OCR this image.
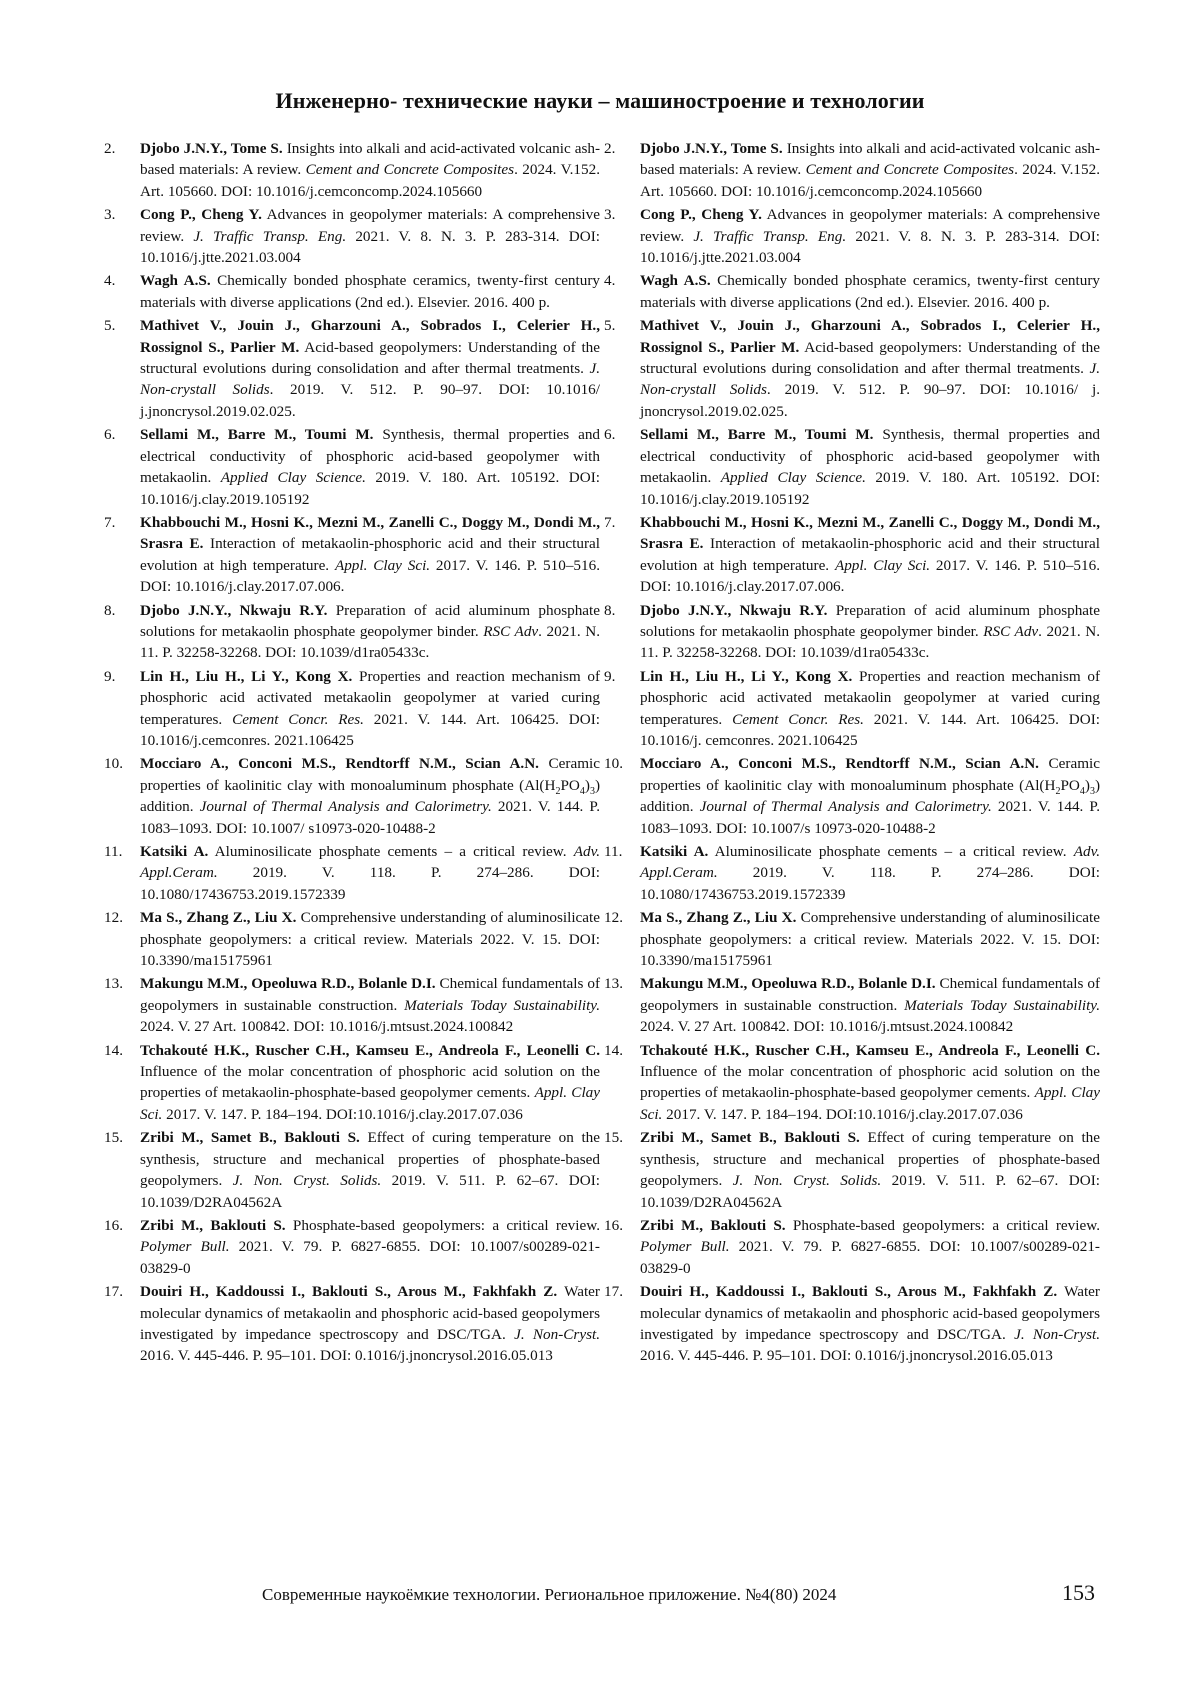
Инженерно- технические науки – машиностроение и технологии
2. Djobo J.N.Y., Tome S. Insights into alkali and acid-activated volcanic ash-based materials: A review. Cement and Concrete Composites. 2024. V.152. Art. 105660. DOI: 10.1016/j.cemconcomp.2024.105660
3. Cong P., Cheng Y. Advances in geopolymer materials: A comprehensive review. J. Traffic Transp. Eng. 2021. V. 8. N. 3. P. 283-314. DOI: 10.1016/j.jtte.2021.03.004
4. Wagh A.S. Chemically bonded phosphate ceramics, twenty-first century materials with diverse applications (2nd ed.). Elsevier. 2016. 400 p.
5. Mathivet V., Jouin J., Gharzouni A., Sobrados I., Celerier H., Rossignol S., Parlier M. Acid-based geopolymers: Understanding of the structural evolutions during consolidation and after thermal treatments. J. Non-crystall Solids. 2019. V. 512. P. 90–97. DOI: 10.1016/ j.jnoncrysol.2019.02.025.
6. Sellami M., Barre M., Toumi M. Synthesis, thermal properties and electrical conductivity of phosphoric acid-based geopolymer with metakaolin. Applied Clay Science. 2019. V. 180. Art. 105192. DOI: 10.1016/j.clay.2019.105192
7. Khabbouchi M., Hosni K., Mezni M., Zanelli C., Doggy M., Dondi M., Srasra E. Interaction of metakaolin-phosphoric acid and their structural evolution at high temperature. Appl. Clay Sci. 2017. V. 146. P. 510–516. DOI: 10.1016/j.clay.2017.07.006.
8. Djobo J.N.Y., Nkwaju R.Y. Preparation of acid aluminum phosphate solutions for metakaolin phosphate geopolymer binder. RSC Adv. 2021. N. 11. P. 32258-32268. DOI: 10.1039/d1ra05433c.
9. Lin H., Liu H., Li Y., Kong X. Properties and reaction mechanism of phosphoric acid activated metakaolin geopolymer at varied curing temperatures. Cement Concr. Res. 2021. V. 144. Art. 106425. DOI: 10.1016/j.cemconres. 2021.106425
10. Mocciaro A., Conconi M.S., Rendtorff N.M., Scian A.N. Ceramic properties of kaolinitic clay with monoaluminum phosphate $(Al(H_2PO_4)_3)$ addition. Journal of Thermal Analysis and Calorimetry. 2021. V. 144. P. 1083–1093. DOI: 10.1007/ s10973-020-10488-2
11. Katsiki A. Aluminosilicate phosphate cements – a critical review. Adv. Appl.Ceram. 2019. V. 118. P. 274–286. DOI: 10.1080/17436753.2019.1572339
12. Ma S., Zhang Z., Liu X. Comprehensive understanding of aluminosilicate phosphate geopolymers: a critical review. Materials 2022. V. 15. DOI: 10.3390/ma15175961
13. Makungu M.M., Opeoluwa R.D., Bolanle D.I. Chemical fundamentals of geopolymers in sustainable construction. Materials Today Sustainability. 2024. V. 27 Art. 100842. DOI: 10.1016/j.mtsust.2024.100842
14. Tchakouté H.K., Ruscher C.H., Kamseu E., Andreola F., Leonelli C. Influence of the molar concentration of phosphoric acid solution on the properties of metakaolin-phosphate-based geopolymer cements. Appl. Clay Sci. 2017. V. 147. P. 184–194. DOI:10.1016/j.clay.2017.07.036
15. Zribi M., Samet B., Baklouti S. Effect of curing temperature on the synthesis, structure and mechanical properties of phosphate-based geopolymers. J. Non. Cryst. Solids. 2019. V. 511. P. 62–67. DOI: 10.1039/D2RA04562A
16. Zribi M., Baklouti S. Phosphate-based geopolymers: a critical review. Polymer Bull. 2021. V. 79. P. 6827-6855. DOI: 10.1007/s00289-021-03829-0
17. Douiri H., Kaddoussi I., Baklouti S., Arous M., Fakhfakh Z. Water molecular dynamics of metakaolin and phosphoric acid-based geopolymers investigated by impedance spectroscopy and DSC/TGA. J. Non-Cryst. 2016. V. 445-446. P. 95–101. DOI: 0.1016/j.jnoncrysol.2016.05.013
2. Djobo J.N.Y., Tome S. Insights into alkali and acid-activated volcanic ash-based materials: A review. Cement and Concrete Composites. 2024. V.152. Art. 105660. DOI: 10.1016/j.cemconcomp.2024.105660
3. Cong P., Cheng Y. Advances in geopolymer materials: A comprehensive review. J. Traffic Transp. Eng. 2021. V. 8. N. 3. P. 283-314. DOI: 10.1016/j.jtte.2021.03.004
4. Wagh A.S. Chemically bonded phosphate ceramics, twenty-first century materials with diverse applications (2nd ed.). Elsevier. 2016. 400 p.
5. Mathivet V., Jouin J., Gharzouni A., Sobrados I., Celerier H., Rossignol S., Parlier M. Acid-based geopolymers: Understanding of the structural evolutions during consolidation and after thermal treatments. J. Non-crystall Solids. 2019. V. 512. P. 90–97. DOI: 10.1016/ j. jnoncrysol.2019.02.025.
6. Sellami M., Barre M., Toumi M. Synthesis, thermal properties and electrical conductivity of phosphoric acid-based geopolymer with metakaolin. Applied Clay Science. 2019. V. 180. Art. 105192. DOI: 10.1016/j.clay.2019.105192
7. Khabbouchi M., Hosni K., Mezni M., Zanelli C., Doggy M., Dondi M., Srasra E. Interaction of metakaolin-phosphoric acid and their structural evolution at high temperature. Appl. Clay Sci. 2017. V. 146. P. 510–516. DOI: 10.1016/j.clay.2017.07.006.
8. Djobo J.N.Y., Nkwaju R.Y. Preparation of acid aluminum phosphate solutions for metakaolin phosphate geopolymer binder. RSC Adv. 2021. N. 11. P. 32258-32268. DOI: 10.1039/d1ra05433c.
9. Lin H., Liu H., Li Y., Kong X. Properties and reaction mechanism of phosphoric acid activated metakaolin geopolymer at varied curing temperatures. Cement Concr. Res. 2021. V. 144. Art. 106425. DOI: 10.1016/j. cemconres. 2021.106425
10. Mocciaro A., Conconi M.S., Rendtorff N.M., Scian A.N. Ceramic properties of kaolinitic clay with monoaluminum phosphate $(Al(H_2PO_4)_3)$ addition. Journal of Thermal Analysis and Calorimetry. 2021. V. 144. P. 1083–1093. DOI: 10.1007/s 10973-020-10488-2
11. Katsiki A. Aluminosilicate phosphate cements – a critical review. Adv. Appl.Ceram. 2019. V. 118. P. 274–286. DOI: 10.1080/17436753.2019.1572339
12. Ma S., Zhang Z., Liu X. Comprehensive understanding of aluminosilicate phosphate geopolymers: a critical review. Materials 2022. V. 15. DOI: 10.3390/ma15175961
13. Makungu M.M., Opeoluwa R.D., Bolanle D.I. Chemical fundamentals of geopolymers in sustainable construction. Materials Today Sustainability. 2024. V. 27 Art. 100842. DOI: 10.1016/j.mtsust.2024.100842
14. Tchakouté H.K., Ruscher C.H., Kamseu E., Andreola F., Leonelli C. Influence of the molar concentration of phosphoric acid solution on the properties of metakaolin-phosphate-based geopolymer cements. Appl. Clay Sci. 2017. V. 147. P. 184–194. DOI:10.1016/j.clay.2017.07.036
15. Zribi M., Samet B., Baklouti S. Effect of curing temperature on the synthesis, structure and mechanical properties of phosphate-based geopolymers. J. Non. Cryst. Solids. 2019. V. 511. P. 62–67. DOI: 10.1039/D2RA04562A
16. Zribi M., Baklouti S. Phosphate-based geopolymers: a critical review. Polymer Bull. 2021. V. 79. P. 6827-6855. DOI: 10.1007/s00289-021-03829-0
17. Douiri H., Kaddoussi I., Baklouti S., Arous M., Fakhfakh Z. Water molecular dynamics of metakaolin and phosphoric acid-based geopolymers investigated by impedance spectroscopy and DSC/TGA. J. Non-Cryst. 2016. V. 445-446. P. 95–101. DOI: 0.1016/j.jnoncrysol.2016.05.013
Современные наукоёмкие технологии. Региональное приложение. №4(80) 2024	153
